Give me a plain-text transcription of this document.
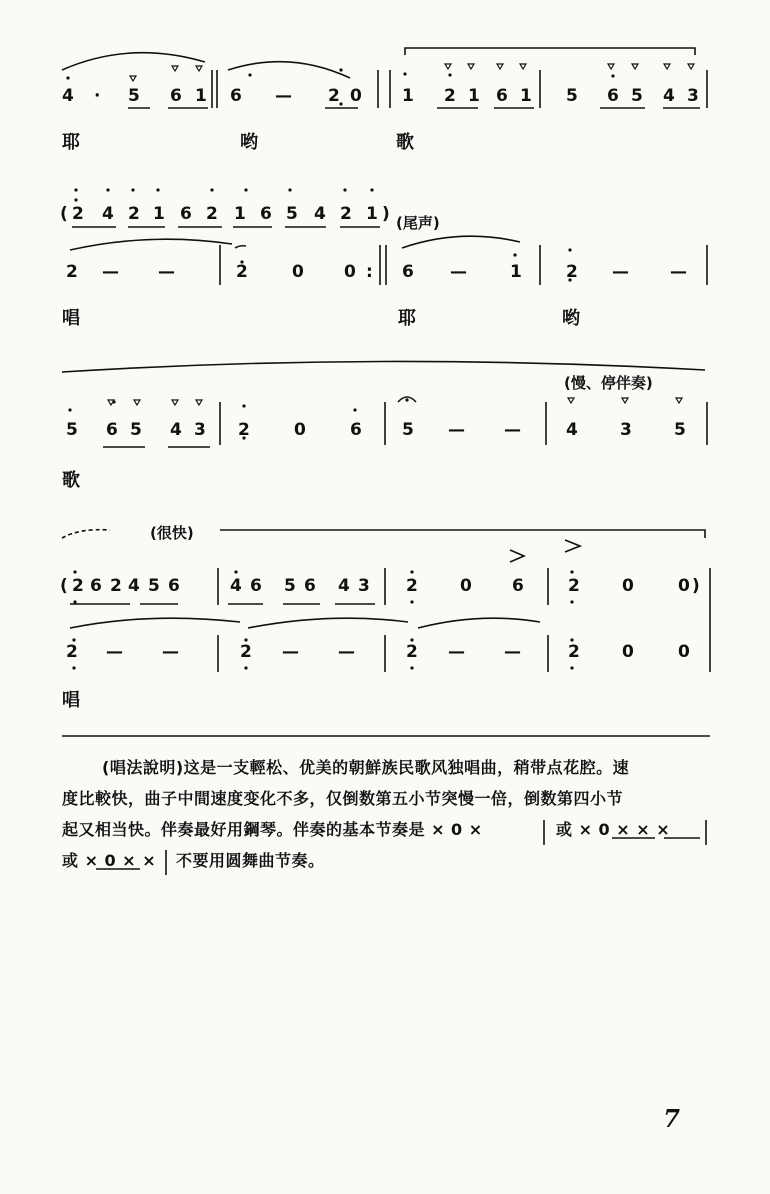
4 · 5 6 1 6 — 2 0 1 2 1 6 1 5 6 5 4 3
耶	哟	歌
( 2 4 2 1 6 2 1 6 5 4 2 1 ) (尾声)
2 — —	2	0 0 : 6 —	1	2 — —
唱	耶	哟
(慢、停伴奏)
5 6 5 4 3 2	0	6 5 — —	4 3 5
歌
(很快)
( 2 6 2 4 5 6	4 6 5 6 4 3 2 0 6	2 0	0 )
2 — —	2 — —	2 — —	2 0	0
唱
(唱法說明)这是一支輕松、优美的朝鮮族民歌风独唱曲，稍带点花腔。速
度比較快，曲子中間速度变化不多，仅倒数第五小节突慢一倍，倒数第四小节
起又相当快。伴奏最好用鋼琴。伴奏的基本节奏是 × 0 ×	或 × 0 × × ×
或 × 0 × × 不要用圆舞曲节奏。
7
